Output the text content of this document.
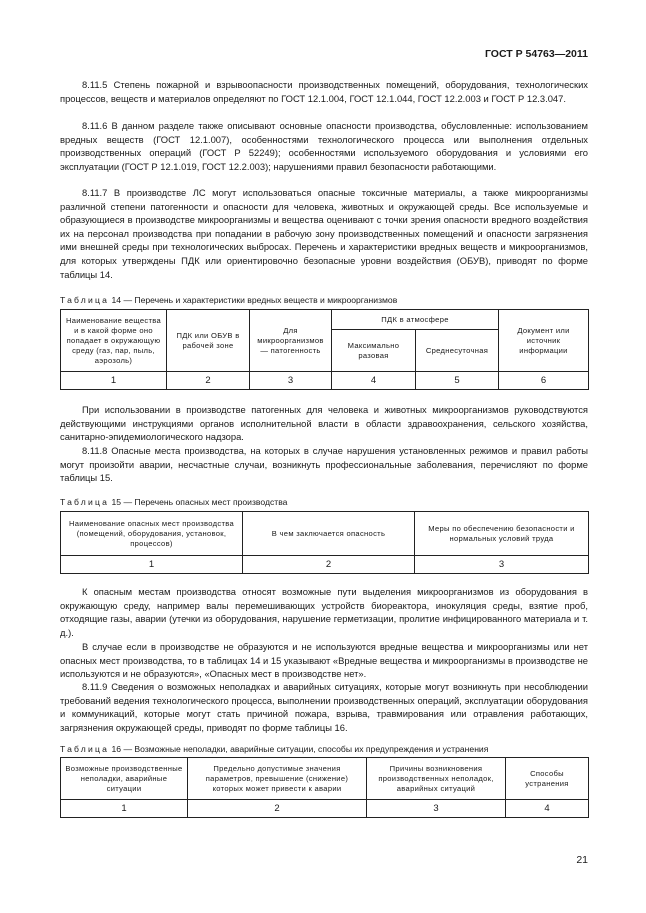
ГОСТ Р 54763—2011

8.11.5 Степень пожарной и взрывоопасности производственных помещений, оборудования, технологических процессов, веществ и материалов определяют по ГОСТ 12.1.004, ГОСТ 12.1.044, ГОСТ 12.2.003 и ГОСТ Р 12.3.047.

8.11.6 В данном разделе также описывают основные опасности производства, обусловленные: использованием вредных веществ (ГОСТ 12.1.007), особенностями технологического процесса или выполнения отдельных производственных операций (ГОСТ Р 52249); особенностями используемого оборудования и условиями его эксплуатации (ГОСТ Р 12.1.019, ГОСТ 12.2.003); нарушениями правил безопасности работающими.

8.11.7 В производстве ЛС могут использоваться опасные токсичные материалы, а также микроорганизмы различной степени патогенности и опасности для человека, животных и окружающей среды. Все используемые и образующиеся в производстве микроорганизмы и вещества оценивают с точки зрения опасности вредного воздействия их на персонал производства при попадании в рабочую зону производственных помещений и опасности загрязнения ими внешней среды при технологических выбросах. Перечень и характеристики вредных веществ и микроорганизмов, для которых утверждены ПДК или ориентировочно безопасные уровни воздействия (ОБУВ), приводят по форме таблицы 14.

Таблица 14 — Перечень и характеристики вредных веществ и микроорганизмов
Наименование вещества и в какой форме оно попадает в окружающую среду (газ, пар, пыль, аэрозоль)	ПДК или ОБУВ в рабочей зоне	Для микроорганизмов — патогенность	ПДК в атмосфере		Документ или источник информации
			Максимально разовая	Среднесуточная	
1	2	3	4	5	6

При использовании в производстве патогенных для человека и животных микроорганизмов руководствуются действующими инструкциями органов исполнительной власти в области здравоохранения, сельского хозяйства, санитарно-эпидемиологического надзора.

8.11.8 Опасные места производства, на которых в случае нарушения установленных режимов и правил работы могут произойти аварии, несчастные случаи, возникнуть профессиональные заболевания, перечисляют по форме таблицы 15.

Таблица 15 — Перечень опасных мест производства
Наименование опасных мест производства (помещений, оборудования, установок, процессов)	В чем заключается опасность	Меры по обеспечению безопасности и нормальных условий труда
1	2	3

К опасным местам производства относят возможные пути выделения микроорганизмов из оборудования в окружающую среду, например валы перемешивающих устройств биореактора, инокуляция среды, взятие проб, отходящие газы, аварии (утечки из оборудования, нарушение герметизации, пролитие инфицированного материала и т. д.).

В случае если в производстве не образуются и не используются вредные вещества и микроорганизмы или нет опасных мест производства, то в таблицах 14 и 15 указывают «Вредные вещества и микроорганизмы в производстве не используются и не образуются», «Опасных мест в производстве нет».

8.11.9 Сведения о возможных неполадках и аварийных ситуациях, которые могут возникнуть при несоблюдении требований ведения технологического процесса, выполнении производственных операций, эксплуатации оборудования и коммуникаций, которые могут стать причиной пожара, взрыва, травмирования или отравления работающих, загрязнения окружающей среды, приводят по форме таблицы 16.

Таблица 16 — Возможные неполадки, аварийные ситуации, способы их предупреждения и устранения
Возможные производственные неполадки, аварийные ситуации	Предельно допустимые значения параметров, превышение (снижение) которых может привести к аварии	Причины возникновения производственных неполадок, аварийных ситуаций	Способы устранения
1	2	3	4
21
